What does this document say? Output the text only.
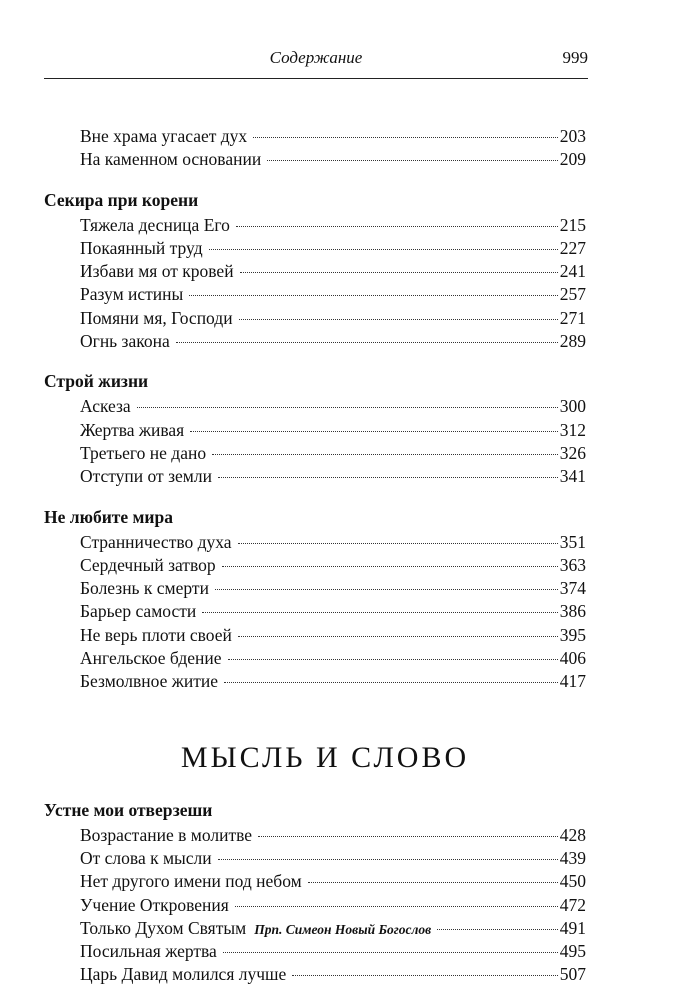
Содержание	999
Вне храма угасает дух	203
На каменном основании	209
Секира при корени
Тяжела десница Его	215
Покаянный труд	227
Избави мя от кровей	241
Разум истины	257
Помяни мя, Господи	271
Огнь закона	289
Строй жизни
Аскеза	300
Жертва живая	312
Третьего не дано	326
Отступи от земли	341
Не любите мира
Странничество духа	351
Сердечный затвор	363
Болезнь к смерти	374
Барьер самости	386
Не верь плоти своей	395
Ангельское бдение	406
Безмолвное житие	417
МЫСЛЬ И СЛОВО
Устне мои отверзеши
Возрастание в молитве	428
От слова к мысли	439
Нет другого имени под небом	450
Учение Откровения	472
Только Духом Святым Прп. Симеон Новый Богослов	491
Посильная жертва	495
Царь Давид молился лучше	507
